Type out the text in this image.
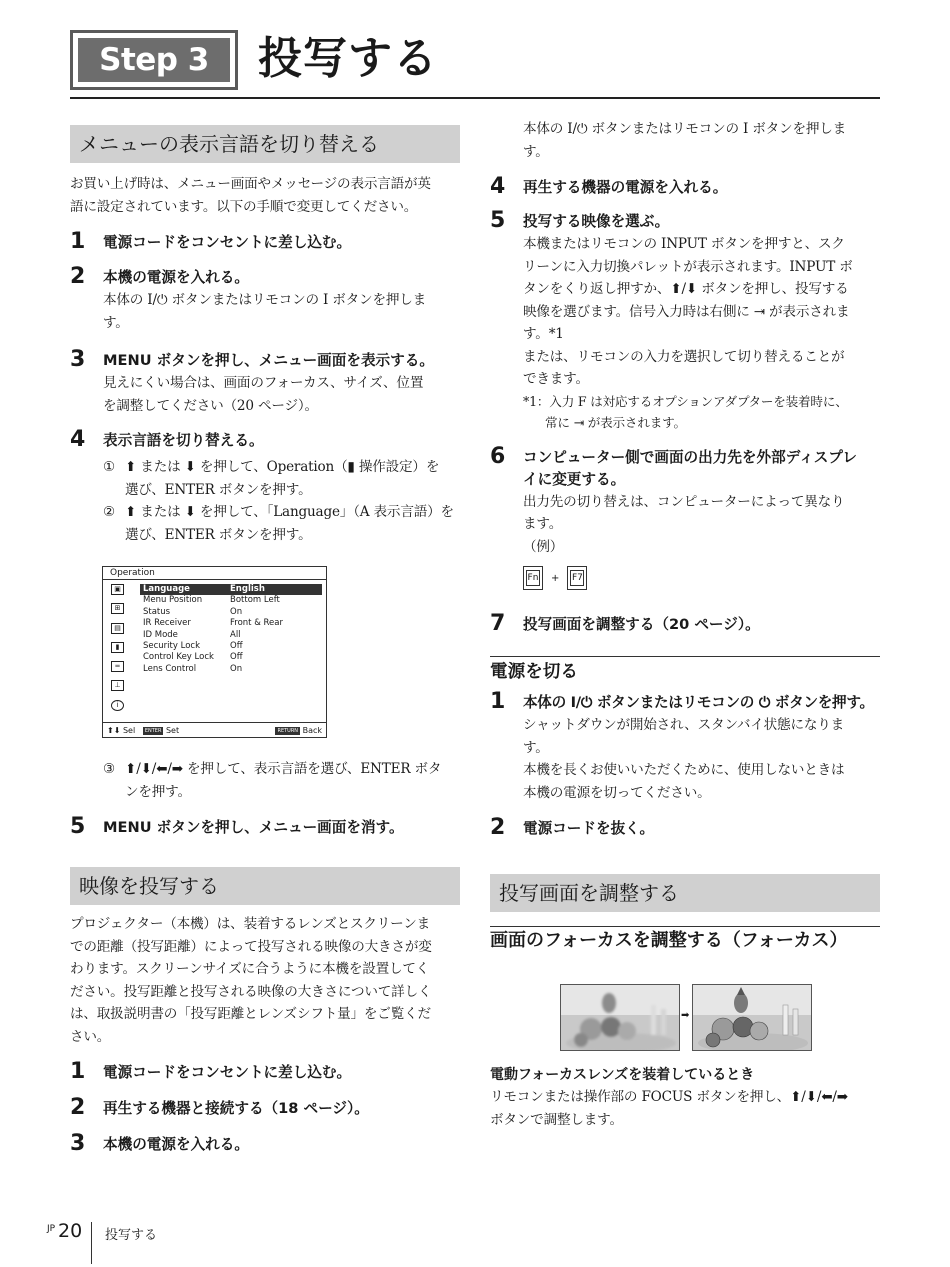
Step 3	投写する
メニューの表示言語を切り替える
お買い上げ時は、メニュー画面やメッセージの表示言語が英
語に設定されています。以下の手順で変更してください。
1 電源コードをコンセントに差し込む。
2 本機の電源を入れる。
本体の I/⏻ ボタンまたはリモコンの I ボタンを押しま
す。
3 MENU ボタンを押し、メニュー画面を表示する。
見えにくい場合は、画面のフォーカス、サイズ、位置
を調整してください（20 ページ）。
4 表示言語を切り替える。
① ⬆ または ⬇ を押して、Operation（▮ 操作設定）を
選び、ENTER ボタンを押す。
② ⬆ または ⬇ を押して、「Language」（A 表示言語）を
選び、ENTER ボタンを押す。
Operation
▣
⊞
▤
▮
═
⊥
i
Language	English
Menu Position	Bottom Left
Status	On
IR Receiver	Front & Rear
ID Mode	All
Security Lock	Off
Control Key Lock	Off
Lens Control	On
⬆⬇ Sel ENTER Set	RETURN Back
③ ⬆/⬇/⬅/➡ を押して、表示言語を選び、ENTER ボタ
ンを押す。
5 MENU ボタンを押し、メニュー画面を消す。
映像を投写する
プロジェクター（本機）は、装着するレンズとスクリーンま
での距離（投写距離）によって投写される映像の大きさが変
わります。スクリーンサイズに合うように本機を設置してく
ださい。投写距離と投写される映像の大きさについて詳しく
は、取扱説明書の「投写距離とレンズシフト量」をご覧くだ
さい。
1 電源コードをコンセントに差し込む。
2 再生する機器と接続する（18 ページ）。
3 本機の電源を入れる。
本体の I/⏻ ボタンまたはリモコンの I ボタンを押しま
す。
4 再生する機器の電源を入れる。
5 投写する映像を選ぶ。
本機またはリモコンの INPUT ボタンを押すと、スク
リーンに入力切換パレットが表示されます。INPUT ボ
タンをくり返し押すか、⬆/⬇ ボタンを押し、投写する
映像を選びます。信号入力時は右側に ⇥ が表示されま
す。*1
または、リモコンの入力を選択して切り替えることが
できます。
*1：入力 F は対応するオプションアダプターを装着時に、
常に ⇥ が表示されます。
6 コンピューター側で画面の出力先を外部ディスプレ
イに変更する。
出力先の切り替えは、コンピューターによって異なり
ます。
（例）
Fn + F7
7 投写画面を調整する（20 ページ）。
電源を切る
1 本体の I/⏻ ボタンまたはリモコンの ⏻ ボタンを押す。
シャットダウンが開始され、スタンバイ状態になりま
す。
本機を長くお使いいただくために、使用しないときは
本機の電源を切ってください。
2 電源コードを抜く。
投写画面を調整する
画面のフォーカスを調整する（フォーカス）
➡
電動フォーカスレンズを装着しているとき
リモコンまたは操作部の FOCUS ボタンを押し、⬆/⬇/⬅/➡
ボタンで調整します。
JP 20 投写する
